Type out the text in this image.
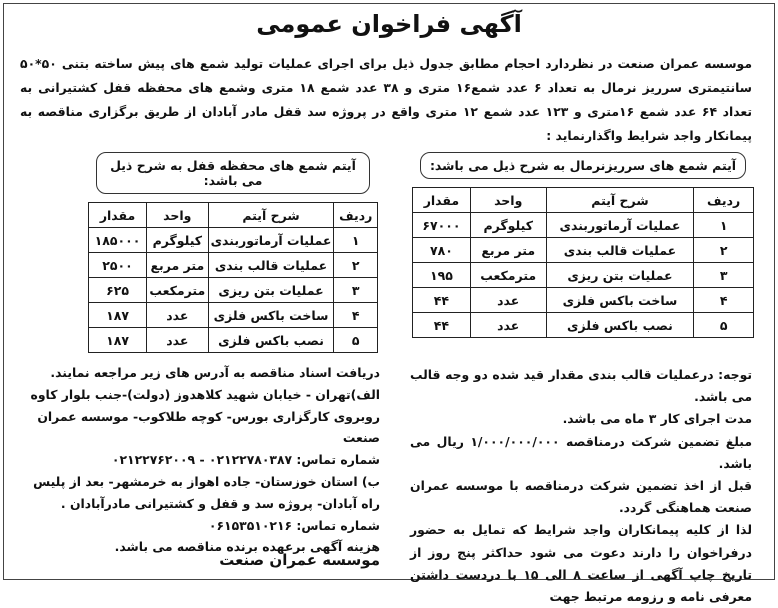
آگهی فراخوان عمومی
موسسه عمران صنعت در نظردارد احجام مطابق جدول ذیل برای اجرای عملیات تولید شمع های پیش ساخته بتنی ۵۰*۵۰ سانتیمتری سرریز نرمال به تعداد ۶ عدد شمع۱۶ متری و ۳۸ عدد شمع ۱۸ متری وشمع های محفظه قفل کشتیرانی به تعداد ۶۴ عدد شمع ۱۶متری و ۱۲۳ عدد شمع ۱۲ متری واقع در پروژه سد قفل مادر آبادان از طریق برگزاری مناقصه به پیمانکار واجد شرایط واگذارنماید :
آیتم شمع های سرریزنرمال به شرح ذیل می باشد:
ردیف	شرح آیتم	واحد	مقدار
۱	عملیات آرماتوربندی	کیلوگرم	۶۷۰۰۰
۲	عملیات قالب بندی	متر مربع	۷۸۰
۳	عملیات بتن ریزی	مترمکعب	۱۹۵
۴	ساخت باکس فلزی	عدد	۴۴
۵	نصب باکس فلزی	عدد	۴۴
آیتم شمع های محفظه قفل به شرح ذیل می باشد:
ردیف	شرح آیتم	واحد	مقدار
۱	عملیات آرماتوربندی	کیلوگرم	۱۸۵۰۰۰
۲	عملیات قالب بندی	متر مربع	۲۵۰۰
۳	عملیات بتن ریزی	مترمکعب	۶۲۵
۴	ساخت باکس فلزی	عدد	۱۸۷
۵	نصب باکس فلزی	عدد	۱۸۷

توجه: درعملیات قالب بندی مقدار قید شده دو وجه قالب می باشد.

مدت اجرای کار ۳ ماه می باشد.

مبلغ تضمین شرکت درمناقصه ۱/۰۰۰/۰۰۰/۰۰۰ ریال می باشد.

قبل از اخذ تضمین شرکت درمناقصه با موسسه عمران صنعت هماهنگی گردد.

لذا از کلیه پیمانکاران واجد شرایط که تمایل به حضور درفراخوان را دارند دعوت می شود حداکثر پنج روز از تاریخ چاپ آگهی از ساعت ۸ الی ۱۵ با دردست داشتن معرفی نامه و رزومه مرتبط جهت

دریافت اسناد مناقصه به آدرس های زیر مراجعه نمایند.

الف)تهران - خیابان شهید کلاهدوز (دولت)-جنب بلوار کاوه روبروی کارگزاری بورس- کوچه طلاکوب- موسسه عمران صنعت

شماره تماس: ۰۲۱۲۲۷۸۰۳۸۷ - ۰۲۱۲۲۷۶۲۰۰۹

ب) استان خوزستان- جاده اهواز به خرمشهر- بعد از پلیس راه آبادان- پروژه سد و قفل و کشتیرانی مادرآبادان .

شماره تماس: ۰۶۱۵۳۵۱۰۲۱۶

هزینه آگهی برعهده برنده مناقصه می باشد.

موسسه عمران صنعت
